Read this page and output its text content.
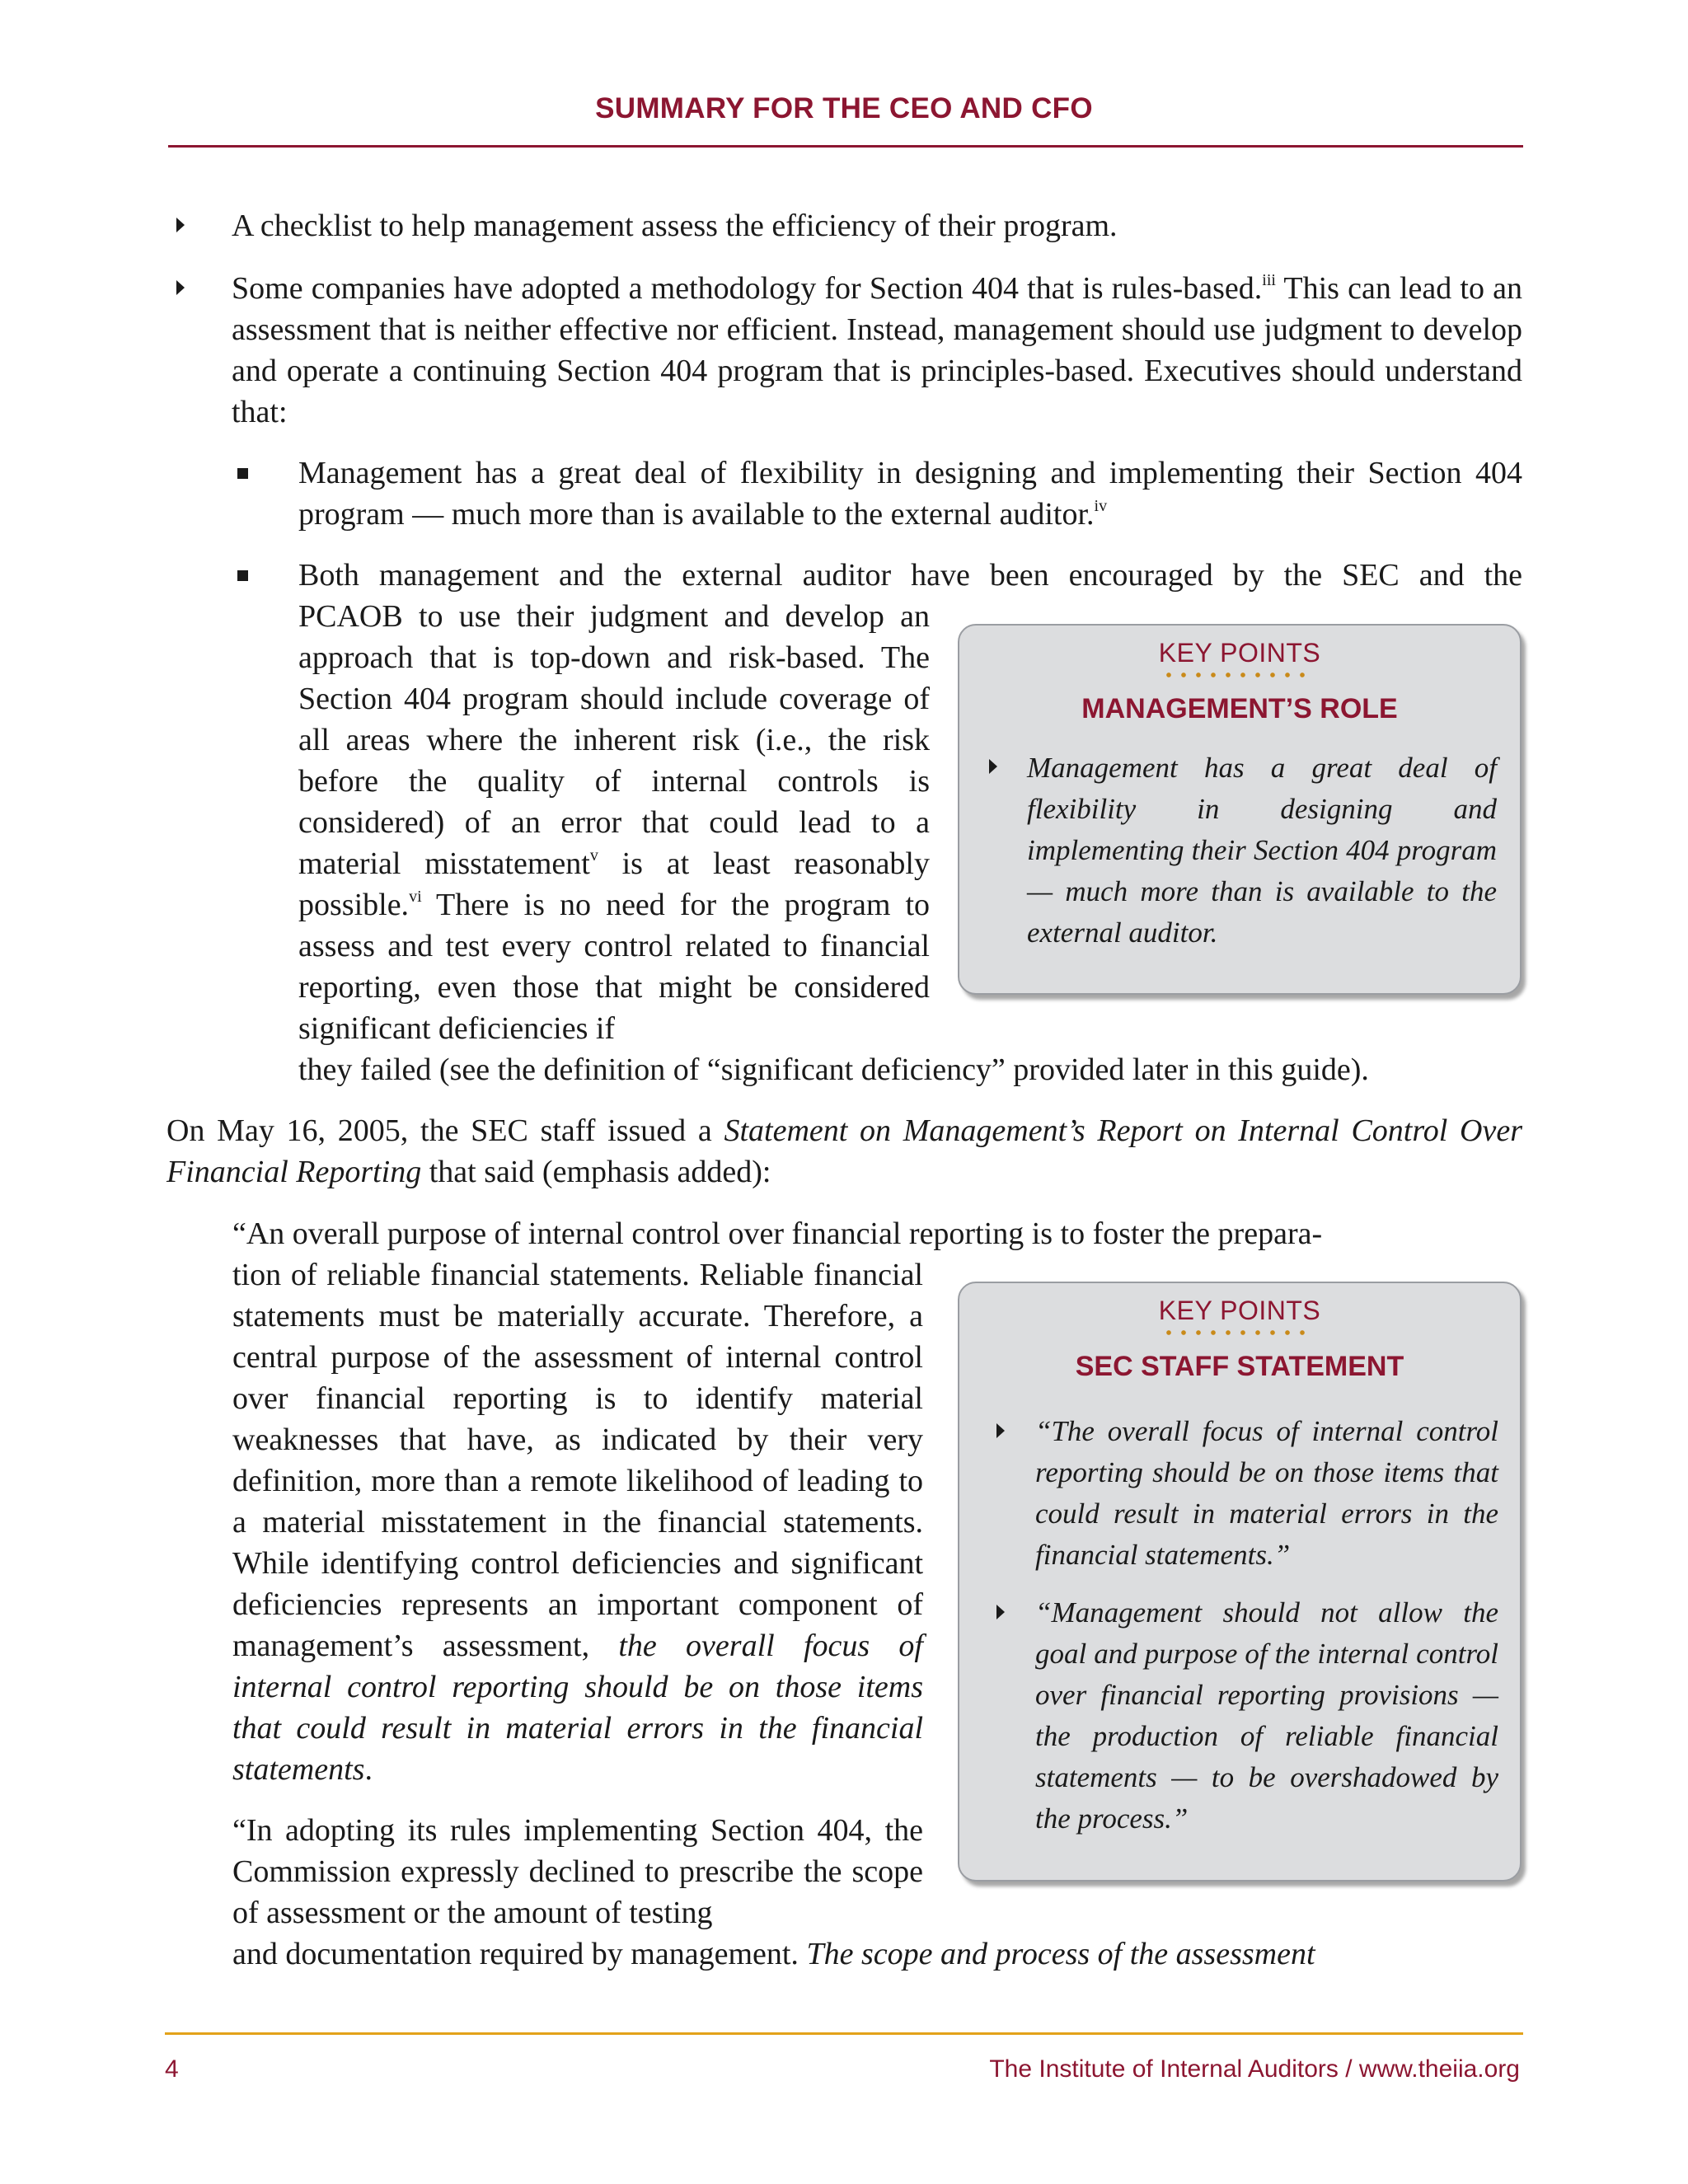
SUMMARY FOR THE CEO AND CFO
A checklist to help management assess the efficiency of their program.
Some companies have adopted a methodology for Section 404 that is rules-based.$^{iii}$ This can lead to an assessment that is neither effective nor efficient. Instead, management should use judgment to develop and operate a continuing Section 404 program that is principles-based. Executives should understand that:
Management has a great deal of flexibility in designing and implementing their Section 404 program — much more than is available to the external auditor.$^{iv}$
Both management and the external auditor have been encouraged by the SEC and the
PCAOB to use their judgment and develop an approach that is top-down and risk-based. The Section 404 program should include coverage of all areas where the inherent risk (i.e., the risk before the quality of internal controls is considered) of an error that could lead to a material misstatement$^v$ is at least reasonably possible.$^{vi}$ There is no need for the program to assess and test every control related to financial reporting, even those that might be considered significant deficiencies if
they failed (see the definition of “significant deficiency” provided later in this guide).
KEY POINTS
MANAGEMENT’S ROLE
Management has a great deal of flexibility in designing and implementing their Section 404 program — much more than is available to the external auditor.
On May 16, 2005, the SEC staff issued a Statement on Management’s Report on Internal Control Over Financial Reporting that said (emphasis added):
“An overall purpose of internal control over financial reporting is to foster the prepara-
tion of reliable financial statements. Reliable financial statements must be materially accurate. Therefore, a central purpose of the assessment of internal control over financial reporting is to identify material weaknesses that have, as indicated by their very definition, more than a remote likelihood of leading to a material misstatement in the financial statements. While identifying control deficiencies and significant deficiencies represents an important component of management’s assessment, the overall focus of internal control reporting should be on those items that could result in material errors in the financial statements.
“In adopting its rules implementing Section 404, the Commission expressly declined to prescribe the scope of assessment or the amount of testing
and documentation required by management. The scope and process of the assessment
KEY POINTS
SEC STAFF STATEMENT
“The overall focus of internal control reporting should be on those items that could result in material errors in the financial statements.”
“Management should not allow the goal and purpose of the internal control over financial reporting provisions — the production of reliable financial statements — to be overshadowed by the process.”
4	The Institute of Internal Auditors / www.theiia.org
